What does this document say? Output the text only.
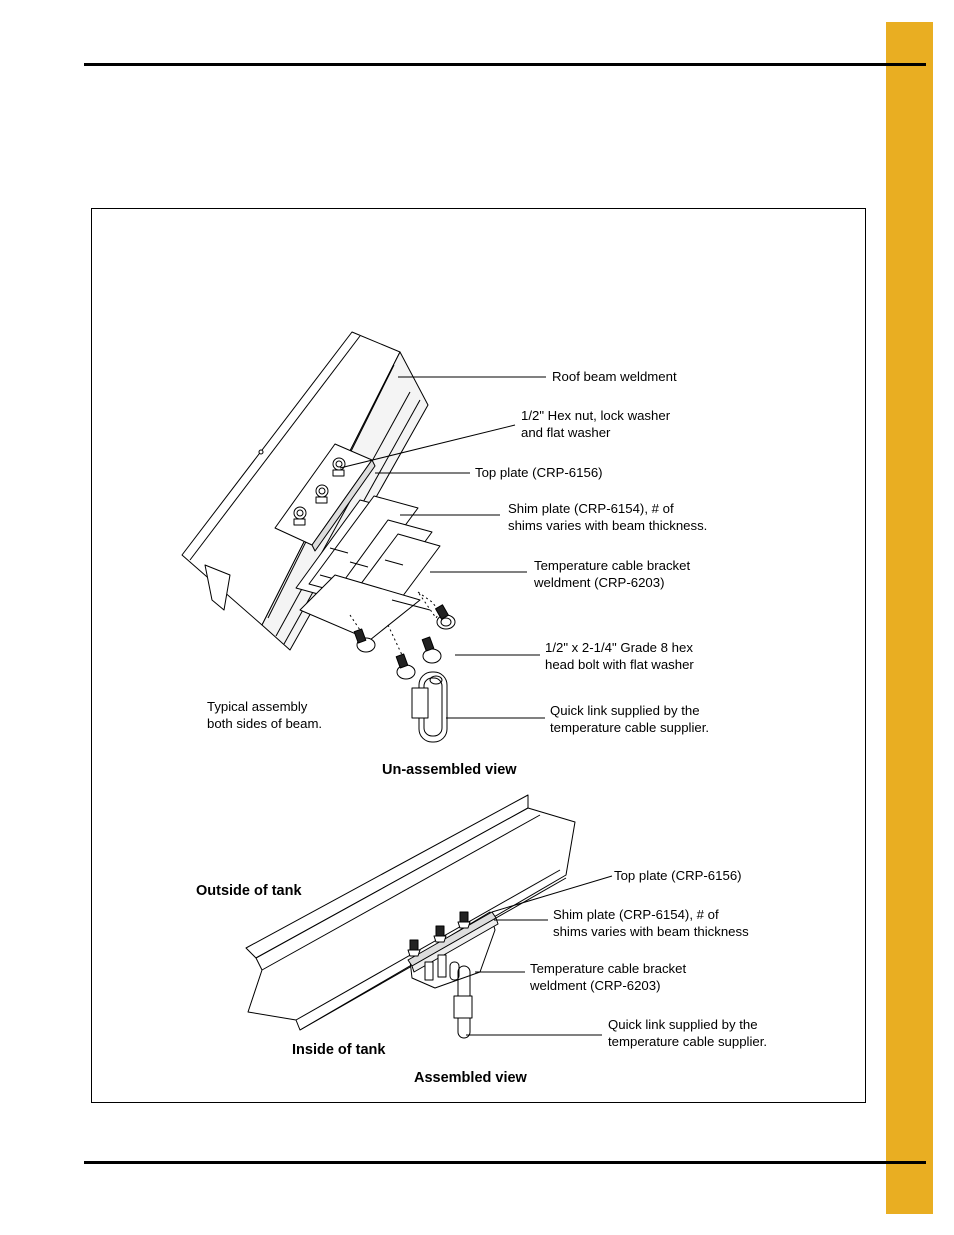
Roof beam weldment
1/2" Hex nut, lock washer
and flat washer
Top plate (CRP-6156)
Shim plate (CRP-6154), # of
shims varies with beam thickness.
Temperature cable bracket
weldment (CRP-6203)
1/2" x 2-1/4" Grade 8 hex
head bolt with flat washer
Typical assembly
both sides of beam.
Quick link supplied by the
temperature cable supplier.
Un-assembled view
Outside of tank
Top plate (CRP-6156)
Shim plate (CRP-6154), # of
shims varies with beam thickness
Temperature cable bracket
weldment (CRP-6203)
Quick link supplied by the
temperature cable supplier.
Inside of tank
Assembled view
